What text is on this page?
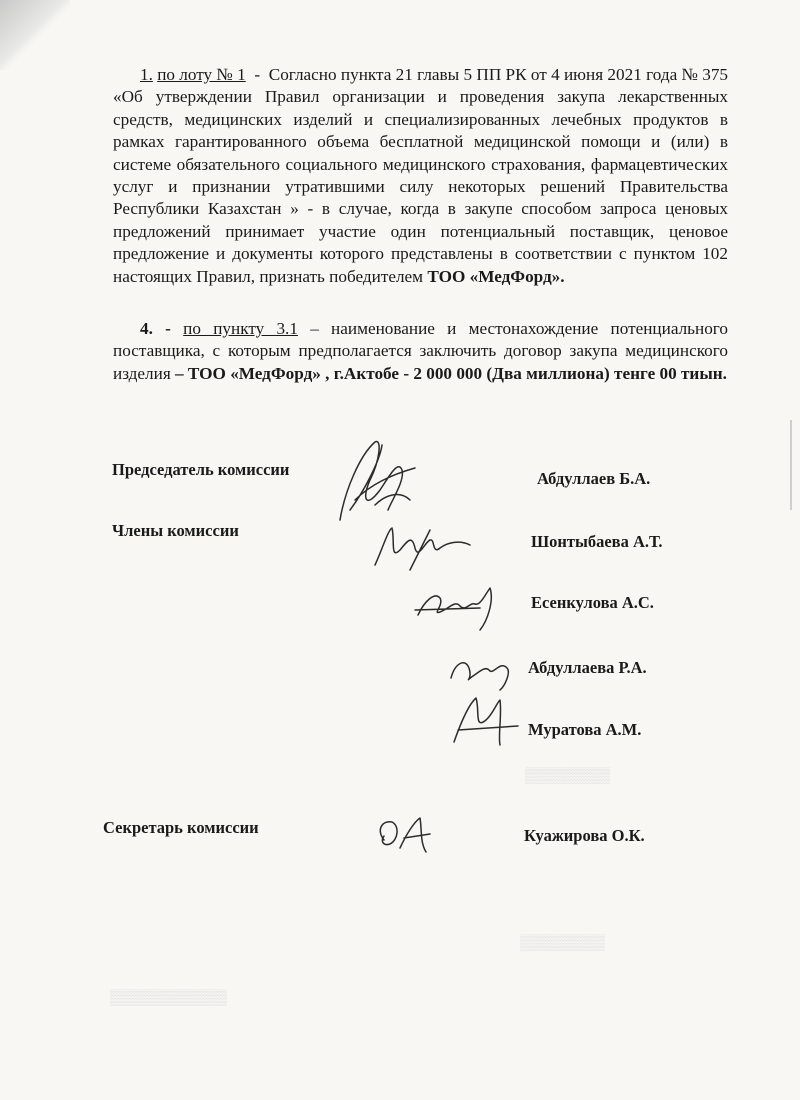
1. по лоту № 1 - Согласно пункта 21 главы 5 ПП РК от 4 июня 2021 года № 375 «Об утверждении Правил организации и проведения закупа лекарственных средств, медицинских изделий и специализированных лечебных продуктов в рамках гарантированного объема бесплатной медицинской помощи и (или) в системе обязательного социального медицинского страхования, фармацевтических услуг и признании утратившими силу некоторых решений Правительства Республики Казахстан » - в случае, когда в закупе способом запроса ценовых предложений принимает участие один потенциальный поставщик, ценовое предложение и документы которого представлены в соответствии с пунктом 102 настоящих Правил, признать победителем ТОО «МедФорд».
4. - по пункту 3.1 – наименование и местонахождение потенциального поставщика, с которым предполагается заключить договор закупа медицинского изделия – ТОО «МедФорд» , г.Актобе - 2 000 000 (Два миллиона) тенге 00 тиын.
▒▒▒▒▒▒▒▒
▒▒▒▒▒▒▒▒▒▒▒
▒▒▒▒▒▒▒▒
Председатель комиссии
Члены комиссии
Секретарь комиссии
Абдуллаев Б.А.
Шонтыбаева А.Т.
Есенкулова А.С.
Абдуллаева Р.А.
Муратова А.М.
Куажирова О.К.
